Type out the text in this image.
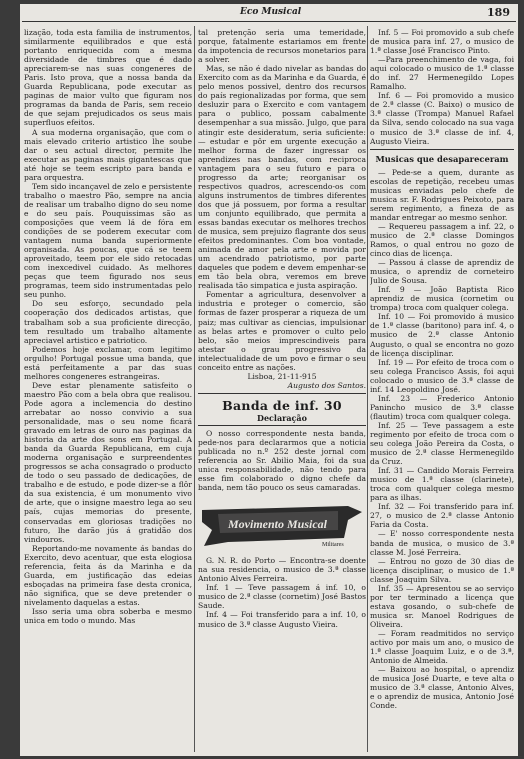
Eco Musical	189

lização, toda esta familia de instrumentos, similarmente equilibrados e que está portanto enriquecida com a mesma diversidade de timbres que é dado apreciarem-se nas suas congeneres de Paris. Isto prova, que a nossa banda da Guarda Republicana, pode executar as paginas de maior vulto que figuram nos programas da banda de Paris, sem receio de que sejam prejudicados os seus mais superfluos efeitos.

A sua moderna organisação, que com o mais elevado criterio artistico lhe soube dar o seu actual director, permite lhe executar as paginas mais gigantescas que até hoje se teem escripto para banda e para orquestra.

Tem sido incançavel de zelo e persistente trabalho o maestro Pão, sempre na ancia de realisar um trabalho digno do seu nome e do seu país. Pouquissimas são as composições que veem lá de fóra em condições de se poderem executar com vantagem numa banda superiormente organisada. As poucas, que cá se teem aproveitado, teem por ele sido retocadas com inexcedivel cuidado. As melhores peças que teem figurado nos seus programas, teem sido instrumentadas pelo seu punho.

Do seu esforço, secundado pela cooperação dos dedicados artistas, que trabalham sob a sua proficiente direcção, tem resultado um trabalho altamente apreciavel artistico e patriotico.

Podemos hoje exclamar, com legitimo orgulho! Portugal possue uma banda, que está perfeitamente a par das suas melhores congeneres estrangeiras.

Deve estar plenamente satisfeito o maestro Pão com a bela obra que realisou. Pode agora a inclemencia do destino arrebatar ao nosso convivio a sua personalidade, mas o seu nome ficará gravado em letras de ouro nas paginas da historia da arte dos sons em Portugal. A banda da Guarda Republicana, em cuja moderna organisação e surpreendentes progressos se acha consagrado o producto de todo o seu passado de dedicações, de trabalho e de estudo, e pode dizer-se a flôr da sua existencia, é um monumento vivo de arte, que o insigne maestro lega ao seu país, cujas memorias do presente, conservadas em gloriosas tradições no futuro, lhe darão jús á gratidão dos vindouros.

Reportando-me novamente ás bandas do Exercito, devo acentuar, que esta elogiosa referencia, feita ás da Marinha e da Guarda, em justificação das edeias esboçadas na primeira fase desta cronica, não significa, que se deve pretender o nivelamento daquelas a estas.

Isso seria uma obra soberba e mesmo unica em todo o mundo. Mas

tal pretenção seria uma temeridade, porque, fatalmente estariamos em frente da impotencia de recursos monetarios para a solver.

Mas, se não é dado nivelar as bandas do Exercito com as da Marinha e da Guarda, é pelo menos possivel, dentro dos recursos do país regionalizadas por forma, que sem desluzir para o Exercito e com vantagem para o publico, possam cabalmente desempenhar a sua missão. Julgo, que para atingir este desideratum, seria suficiente: — estudar e pôr em urgente execução a melhor forma de fazer ingressar os aprendizes nas bandas, com reciproca vantagem para o seu futuro e para o progresso da arte; reorganisar os respectivos quadros, acrescendo-os com alguns instrumentos de timbres diferentes dos que já possuem, por forma a resultar um conjunto equilibrado, que permita a essas bandas executar os melhores trechos de musica, sem prejuizo flagrante dos seus efeitos predominantes. Com boa vontade, animada de amor pela arte e movida por um acendrado patriotismo, por parte daqueles que podem e devem empenhar-se em tão bela obra, veremos em breve realisada tão simpatica e justa aspiração.

Fomentar a agricultura, desenvolver a industria e proteger o comercio, são formas de fazer prosperar a riqueza de um paiz; mas cultivar as ciencias, impulsionar as belas artes e promover o culto pelo belo, são meios imprescindiveis para atestar o grau progressivo da intelectualidade de um povo e firmar o seu conceito entre as nações.

Lisboa, 21-11-915

Augusto dos Santos.

Banda de inf. 30
Declaração

O nosso correspondente nesta banda, pede-nos para declararmos que a noticia publicada no n.º 252 deste jornal com referencia ao Sr. Abilio Maia, foi da sua unica responsabilidade, não tendo para esse fim colaborado o digno chefe da banda, nem tão pouco os seus camaradas.

Movimento Musical
Militares

G. N. R. do Porto — Encontra-se doente na sua residencia, o musico de 3.ª classe Antonio Alves Ferreira.

Inf. 1 — Teve passagem á inf. 10, o musico de 2.ª classe (cornetim) José Bastos Saude.

Inf. 4 — Foi transferido para a inf. 10, o musico de 3.ª classe Augusto Vieira.

Inf. 5 — Foi promovido a sub chefe de musica para inf. 27, o musico de 1.ª classe José Francisco Pinto.

—Para preenchimento de vaga, foi aqui colocado o musico de 1.ª classe do inf. 27 Hermenegildo Lopes Ramalho.

Inf. 6 — Foi promovido a musico de 2.ª classe (C. Baixo) o musico de 3.ª classe (Trompa) Manuel Rafael da Silva, sendo colocado na sua vaga o musico de 3.ª classe de inf. 4, Augusto Vieira.

Musicas que desapareceram

— Pede-se a quem, durante as escolas de repetição, recebeu umas musicas enviadas pelo chefe de musica sr. F. Rodrigues Peixoto, para serem regimento, a fineza de as mandar entregar ao mesmo senhor.

— Requereu passagem a inf. 22, o musico de 2.ª classe Domingos Ramos, o qual entrou no gozo de cinco dias de licença.

— Passou á classe de aprendiz de musica, o aprendiz de corneteiro Julio de Sousa.

Inf. 9 — João Baptista Rico aprendiz de musica (cornetim ou trompa) troca com qualquer colega.

Inf. 10 — Foi promovido á musico de 1.ª classe (baritono) para inf. 4, o musico de 2.ª classe Antonio Augusto, o qual se encontra no gozo de licença disciplinar.

Inf. 19 — Por efeito de troca com o seu colega Francisco Assis, foi aqui colocado o musico de 3.ª classe de inf. 14 Leopoldino José.

Inf. 23 — Frederico Antonio Panincho musico de 3.ª classe (flautim) troca com qualquer colega.

Inf. 25 — Teve passagem a este regimento por efeito de troca com o seu colega João Pereira da Costa, o musico de 2.ª classe Hermenegildo da Cruz.

Inf. 31 — Candido Morais Ferreira musico de 1.ª classe (clarinete), troca com qualquer colega mesmo para as ilhas.

Inf. 32 — Foi transferido para inf. 27, o musico de 2.ª classe Antonio Faria da Costa.

— E' nosso correspondente nesta banda de musica, o musico de 3.ª classe M. José Ferreira.

— Entrou no gozo de 30 dias de licença disciplinar, o musico de 1.ª classe Joaquim Silva.

Inf. 35 — Apresentou se ao serviço por ter terminado a licença que estava gosando, o sub-chefe de musica sr. Manoel Rodrigues de Oliveira.

— Foram readmitidos no serviço activo por mais um ano, o musico de 1.ª classe Joaquim Luiz, e o de 3.ª, Antonio de Almeida.

— Baixou ao hospital, o aprendiz de musica José Duarte, e teve alta o musico de 3.ª classe, Antonio Alves, e o aprendiz de musica, Antonio José Conde.
